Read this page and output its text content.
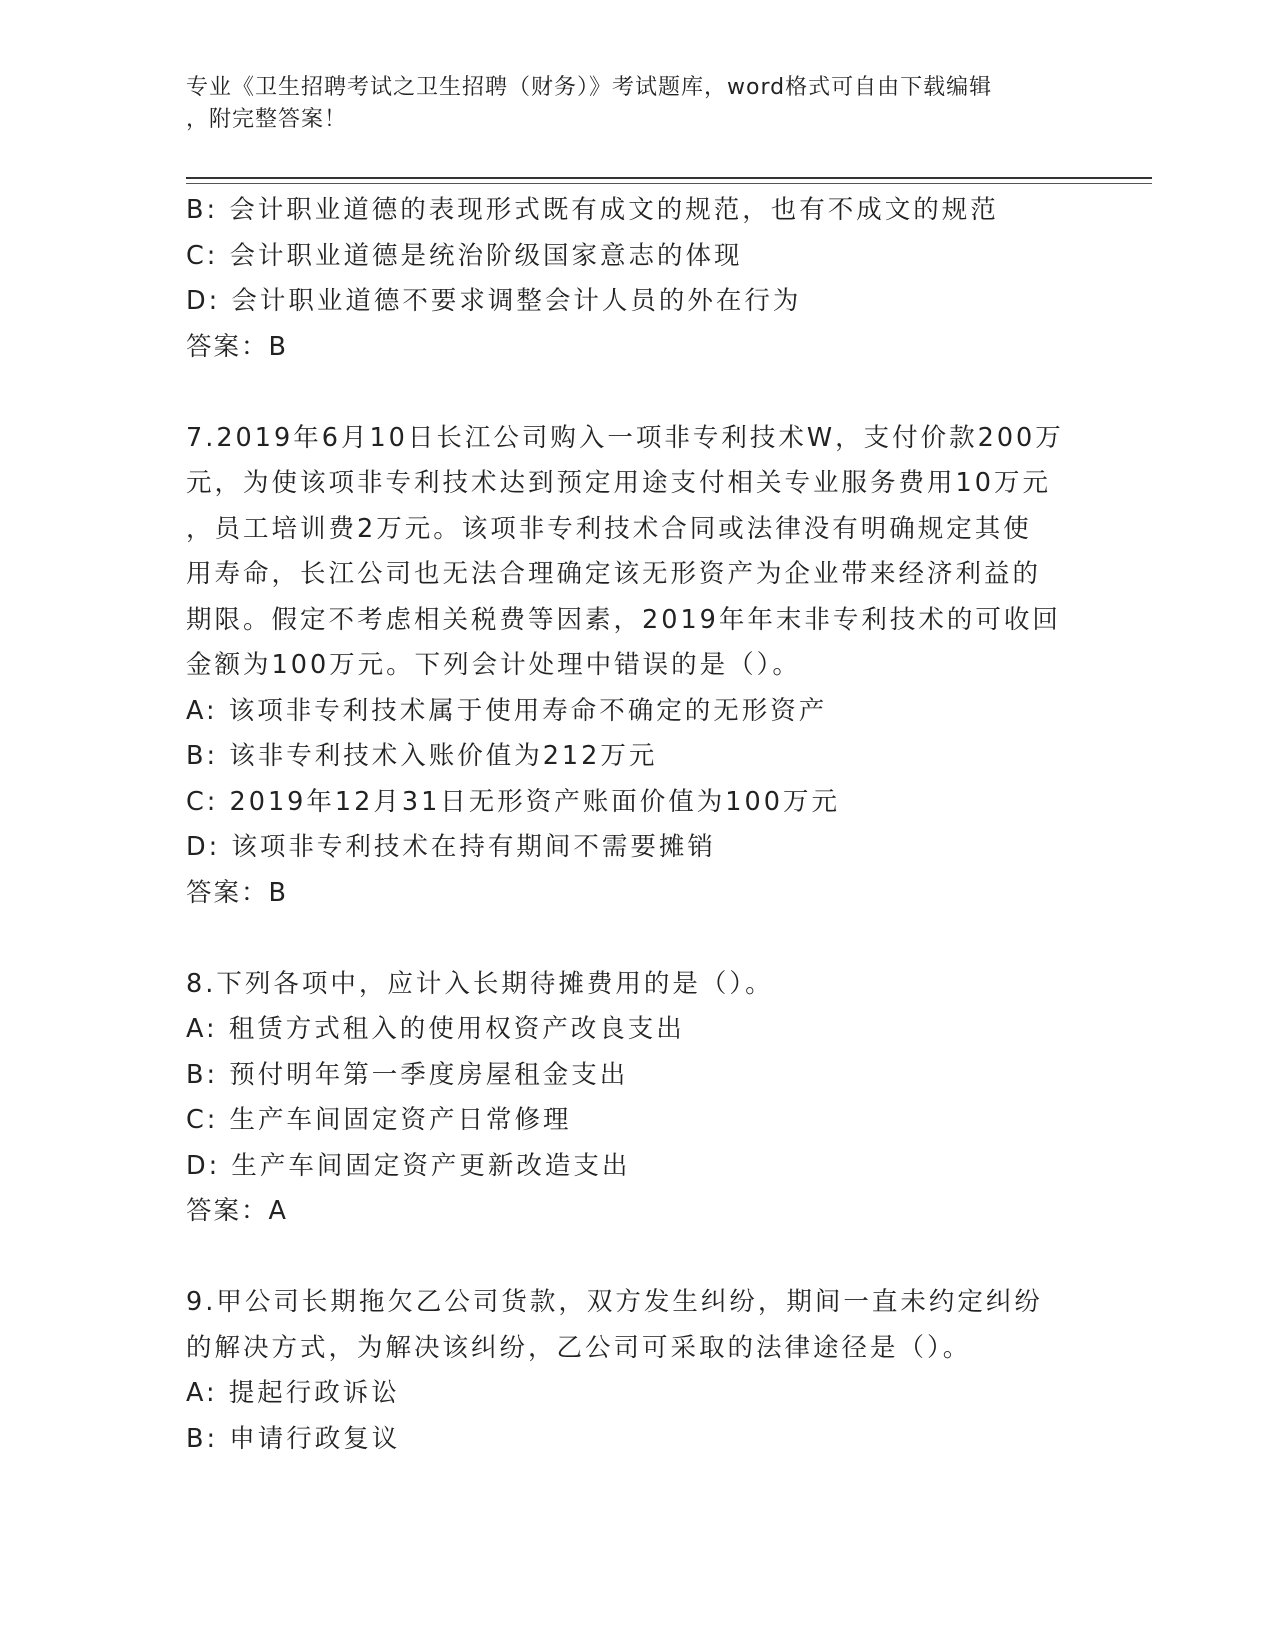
专业《卫生招聘考试之卫生招聘（财务）》考试题库，word格式可自由下载编辑
，附完整答案！
B: 会计职业道德的表现形式既有成文的规范，也有不成文的规范
C: 会计职业道德是统治阶级国家意志的体现
D: 会计职业道德不要求调整会计人员的外在行为
答案：B
7.2019年6月10日长江公司购入一项非专利技术W，支付价款200万
元，为使该项非专利技术达到预定用途支付相关专业服务费用10万元
，员工培训费2万元。该项非专利技术合同或法律没有明确规定其使
用寿命，长江公司也无法合理确定该无形资产为企业带来经济利益的
期限。假定不考虑相关税费等因素，2019年年末非专利技术的可收回
金额为100万元。下列会计处理中错误的是（）。
A: 该项非专利技术属于使用寿命不确定的无形资产
B: 该非专利技术入账价值为212万元
C: 2019年12月31日无形资产账面价值为100万元
D: 该项非专利技术在持有期间不需要摊销
答案：B
8.下列各项中，应计入长期待摊费用的是（）。
A: 租赁方式租入的使用权资产改良支出
B: 预付明年第一季度房屋租金支出
C: 生产车间固定资产日常修理
D: 生产车间固定资产更新改造支出
答案：A
9.甲公司长期拖欠乙公司货款，双方发生纠纷，期间一直未约定纠纷
的解决方式，为解决该纠纷，乙公司可采取的法律途径是（）。
A: 提起行政诉讼
B: 申请行政复议
